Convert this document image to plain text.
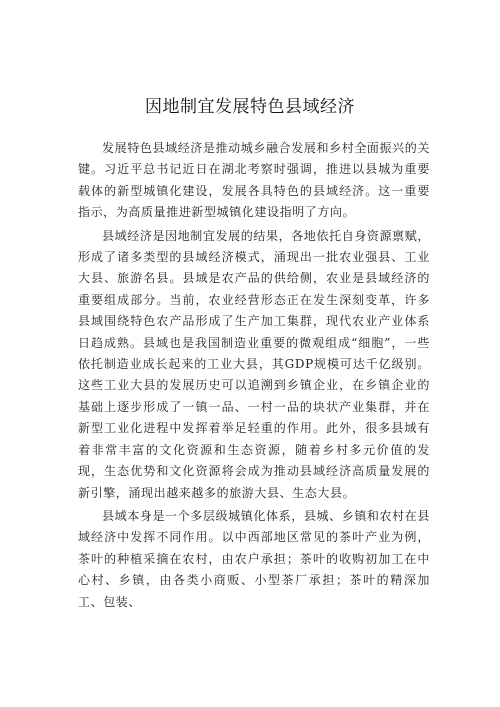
因地制宜发展特色县域经济

发展特色县域经济是推动城乡融合发展和乡村全面振兴的关键。习近平总书记近日在湖北考察时强调，推进以县城为重要载体的新型城镇化建设，发展各具特色的县域经济。这一重要指示，为高质量推进新型城镇化建设指明了方向。

县域经济是因地制宜发展的结果，各地依托自身资源禀赋，形成了诸多类型的县域经济模式，涌现出一批农业强县、工业大县、旅游名县。县域是农产品的供给侧，农业是县域经济的重要组成部分。当前，农业经营形态正在发生深刻变革，许多县域围绕特色农产品形成了生产加工集群，现代农业产业体系日趋成熟。县域也是我国制造业重要的微观组成“细胞”，一些依托制造业成长起来的工业大县，其GDP规模可达千亿级别。这些工业大县的发展历史可以追溯到乡镇企业，在乡镇企业的基础上逐步形成了一镇一品、一村一品的块状产业集群，并在新型工业化进程中发挥着举足轻重的作用。此外，很多县域有着非常丰富的文化资源和生态资源，随着乡村多元价值的发现，生态优势和文化资源将会成为推动县域经济高质量发展的新引擎，涌现出越来越多的旅游大县、生态大县。

县域本身是一个多层级城镇化体系，县城、乡镇和农村在县域经济中发挥不同作用。以中西部地区常见的茶叶产业为例，茶叶的种植采摘在农村，由农户承担；茶叶的收购初加工在中心村、乡镇，由各类小商贩、小型茶厂承担；茶叶的精深加工、包装、
